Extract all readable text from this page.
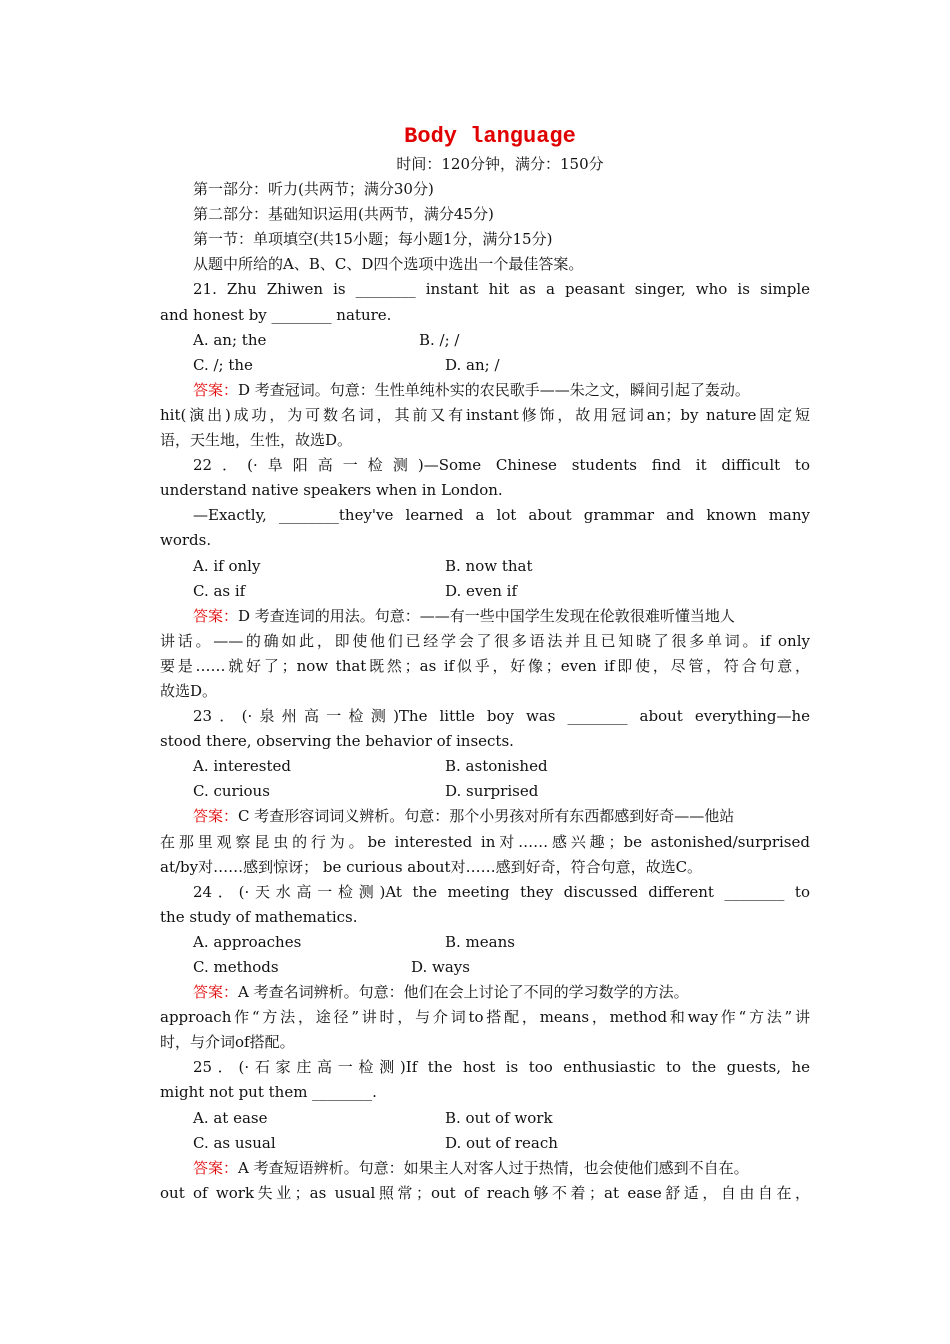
Body language
时间：120分钟，满分：150分
第一部分：听力(共两节；满分30分)
第二部分：基础知识运用(共两节，满分45分)
第一节：单项填空(共15小题；每小题1分，满分15分)
从题中所给的A、B、C、D四个选项中选出一个最佳答案。
21. Zhu Zhiwen is ________ instant hit as a peasant singer, who is simple
and honest by ________ nature.
A. an; the	B. /; /
C. /; the	D. an; /
答案：D 考查冠词。句意：生性单纯朴实的农民歌手——朱之文，瞬间引起了轰动。
hit(演出)成功，为可数名词，其前又有instant修饰，故用冠词an；by nature固定短
语，天生地，生性，故选D。
22．(·阜阳高一检测)—Some Chinese students find it difficult to
understand native speakers when in London.
—Exactly, ________they've learned a lot about grammar and known many
words.
A. if only	B. now that
C. as if	D. even if
答案：D 考查连词的用法。句意：——有一些中国学生发现在伦敦很难听懂当地人
讲话。——的确如此，即使他们已经学会了很多语法并且已知晓了很多单词。if only
要是……就好了；now that既然；as if似乎，好像；even if即使，尽管，符合句意，
故选D。
23．(·泉州高一检测)The little boy was ________ about everything—he
stood there, observing the behavior of insects.
A. interested	B. astonished
C. curious	D. surprised
答案：C 考查形容词词义辨析。句意：那个小男孩对所有东西都感到好奇——他站
在那里观察昆虫的行为。be interested in对……感兴趣；be astonished/surprised
at/by对……感到惊讶； be curious about对……感到好奇，符合句意，故选C。
24．(·天水高一检测)At the meeting they discussed different ________ to
the study of mathematics.
A. approaches	B. means
C. methods	D. ways
答案：A 考查名词辨析。句意：他们在会上讨论了不同的学习数学的方法。
approach作“方法，途径”讲时，与介词to搭配，means，method和way作“方法”讲
时，与介词of搭配。
25．(·石家庄高一检测)If the host is too enthusiastic to the guests, he
might not put them ________.
A. at ease	B. out of work
C. as usual	D. out of reach
答案：A 考查短语辨析。句意：如果主人对客人过于热情，也会使他们感到不自在。
out of work失业；as usual照常；out of reach够不着；at ease舒适，自由自在，
